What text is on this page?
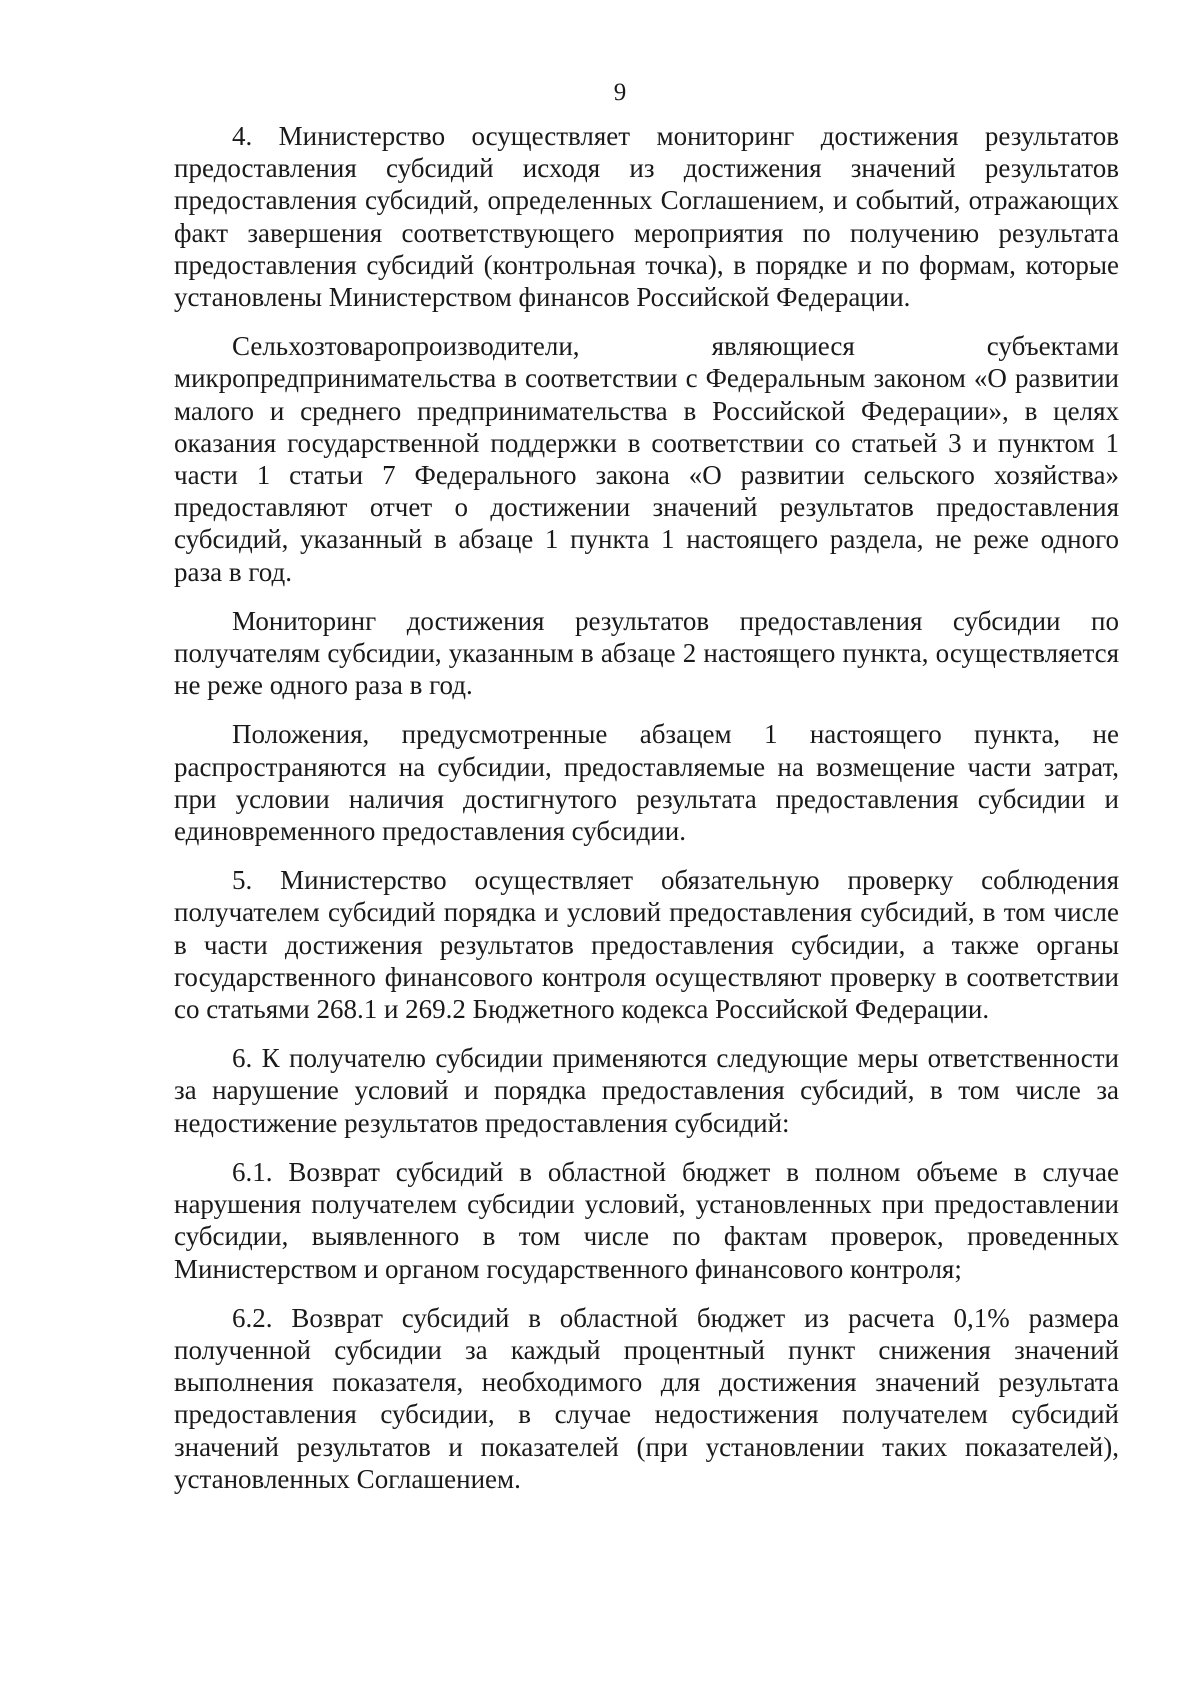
9

4. Министерство осуществляет мониторинг достижения результатов предоставления субсидий исходя из достижения значений результатов предоставления субсидий, определенных Соглашением, и событий, отражающих факт завершения соответствующего мероприятия по получению результата предоставления субсидий (контрольная точка), в порядке и по формам, которые установлены Министерством финансов Российской Федерации.

Сельхозтоваропроизводители, являющиеся субъектами микропредпринимательства в соответствии с Федеральным законом «О развитии малого и среднего предпринимательства в Российской Федерации», в целях оказания государственной поддержки в соответствии со статьей 3 и пунктом 1 части 1 статьи 7 Федерального закона «О развитии сельского хозяйства» предоставляют отчет о достижении значений результатов предоставления субсидий, указанный в абзаце 1 пункта 1 настоящего раздела, не реже одного раза в год.

Мониторинг достижения результатов предоставления субсидии по получателям субсидии, указанным в абзаце 2 настоящего пункта, осуществляется не реже одного раза в год.

Положения, предусмотренные абзацем 1 настоящего пункта, не распространяются на субсидии, предоставляемые на возмещение части затрат, при условии наличия достигнутого результата предоставления субсидии и единовременного предоставления субсидии.

5. Министерство осуществляет обязательную проверку соблюдения получателем субсидий порядка и условий предоставления субсидий, в том числе в части достижения результатов предоставления субсидии, а также органы государственного финансового контроля осуществляют проверку в соответствии со статьями 268.1 и 269.2 Бюджетного кодекса Российской Федерации.

6. К получателю субсидии применяются следующие меры ответственности за нарушение условий и порядка предоставления субсидий, в том числе за недостижение результатов предоставления субсидий:

6.1. Возврат субсидий в областной бюджет в полном объеме в случае нарушения получателем субсидии условий, установленных при предоставлении субсидии, выявленного в том числе по фактам проверок, проведенных Министерством и органом государственного финансового контроля;

6.2. Возврат субсидий в областной бюджет из расчета 0,1% размера полученной субсидии за каждый процентный пункт снижения значений выполнения показателя, необходимого для достижения значений результата предоставления субсидии, в случае недостижения получателем субсидий значений результатов и показателей (при установлении таких показателей), установленных Соглашением.
